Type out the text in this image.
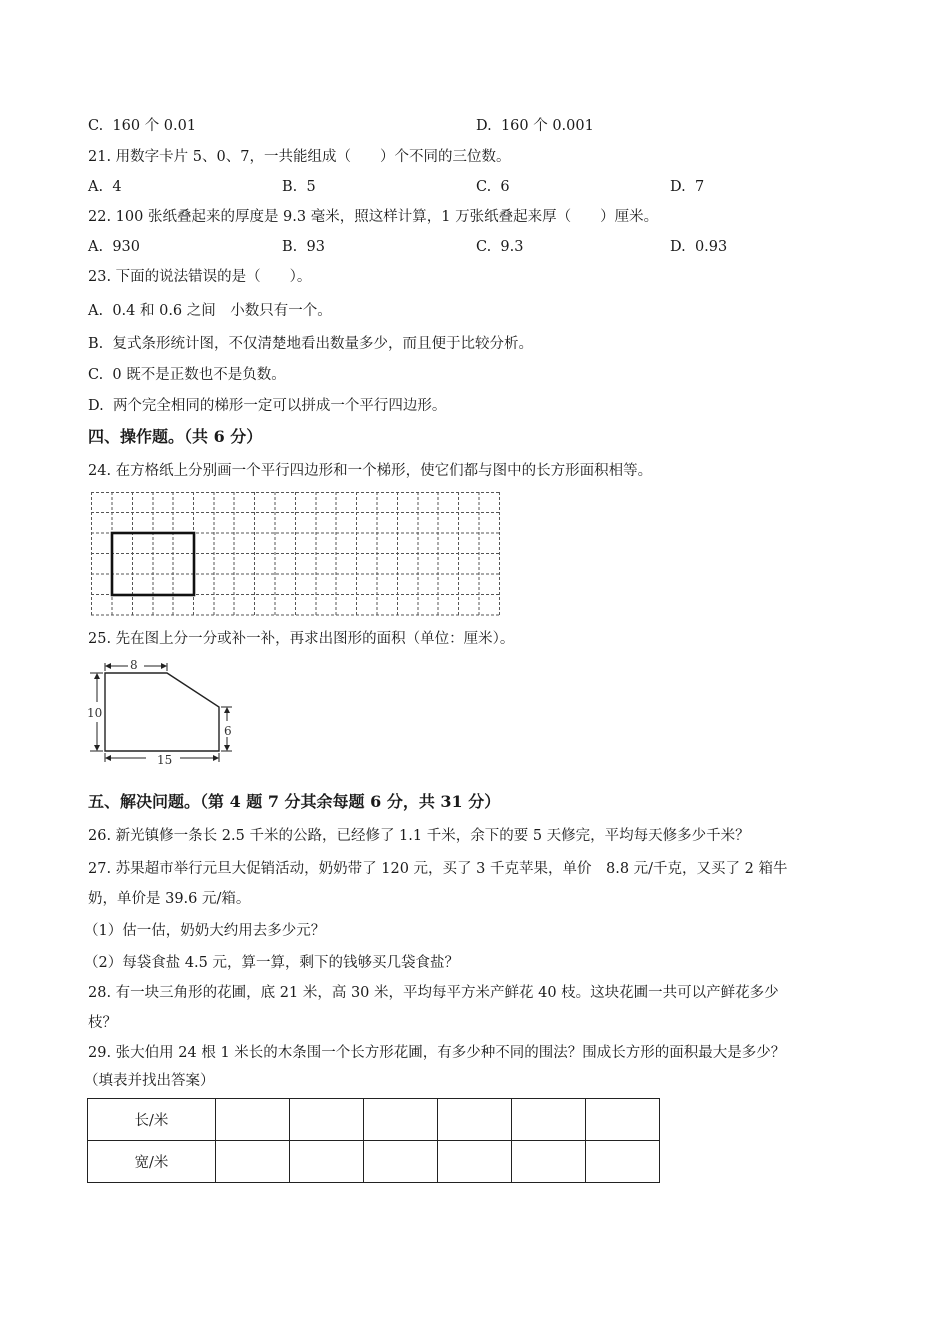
C. 160 个 0.01	D. 160 个 0.001
21. 用数字卡片 5、0、7，一共能组成（　　）个不同的三位数。
A. 4	B. 5	C. 6	D. 7
22. 100 张纸叠起来的厚度是 9.3 毫米，照这样计算，1 万张纸叠起来厚（　　）厘米。
A. 930	B. 93	C. 9.3	D. 0.93
23. 下面的说法错误的是（　　）。
A. 0.4 和 0.6 之间　小数只有一个。
B. 复式条形统计图，不仅清楚地看出数量多少，而且便于比较分析。
C. 0 既不是正数也不是负数。
D. 两个完全相同的梯形一定可以拼成一个平行四边形。
四、操作题。（共 6 分）
24. 在方格纸上分别画一个平行四边形和一个梯形，使它们都与图中的长方形面积相等。
25. 先在图上分一分或补一补，再求出图形的面积（单位：厘米）。
8
10
6
15
五、解决问题。（第 4 题 7 分其余每题 6 分，共 31 分）
26. 新光镇修一条长 2.5 千米的公路，已经修了 1.1 千米，余下的要 5 天修完，平均每天修多少千米？
27. 苏果超市举行元旦大促销活动，奶奶带了 120 元，买了 3 千克苹果，单价　8.8 元/千克，又买了 2 箱牛
奶，单价是 39.6 元/箱。
（1）估一估，奶奶大约用去多少元？
（2）每袋食盐 4.5 元，算一算，剩下的钱够买几袋食盐？
28. 有一块三角形的花圃，底 21 米，高 30 米，平均每平方米产鲜花 40 枝。这块花圃一共可以产鲜花多少
枝？
29. 张大伯用 24 根 1 米长的木条围一个长方形花圃，有多少种不同的围法？围成长方形的面积最大是多少？
（填表并找出答案）
长/米						
宽/米						
